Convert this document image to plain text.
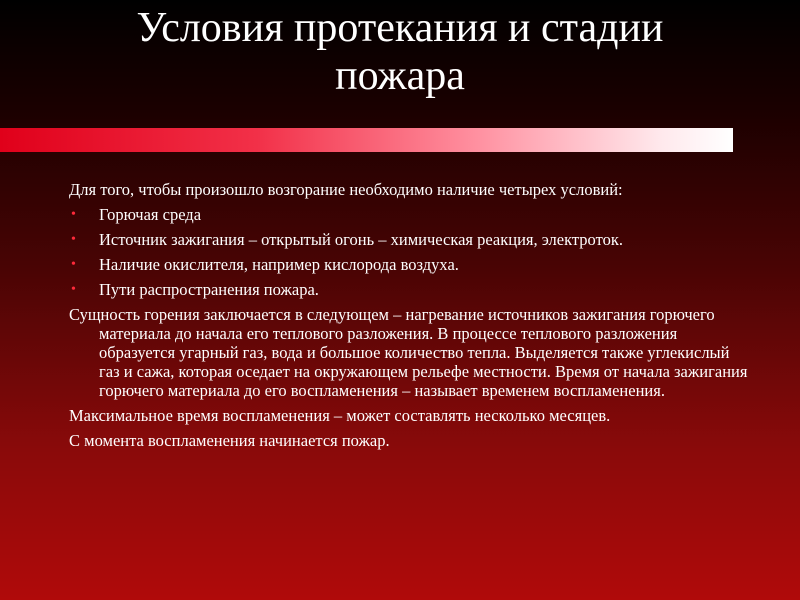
Условия протекания и стадии
пожара
Для того, чтобы произошло возгорание необходимо наличие четырех условий:
• Горючая среда
• Источник зажигания – открытый огонь – химическая реакция, электроток.
• Наличие окислителя, например кислорода воздуха.
• Пути распространения пожара.
Сущность горения заключается в следующем – нагревание источников зажигания горючего материала до начала его теплового разложения. В процессе теплового разложения образуется угарный газ, вода и большое количество тепла. Выделяется также углекислый газ и сажа, которая оседает на окружающем рельефе местности. Время от начала зажигания горючего материала до его воспламенения – называет временем воспламенения.
Максимальное время воспламенения – может составлять несколько месяцев.
С момента воспламенения начинается пожар.
